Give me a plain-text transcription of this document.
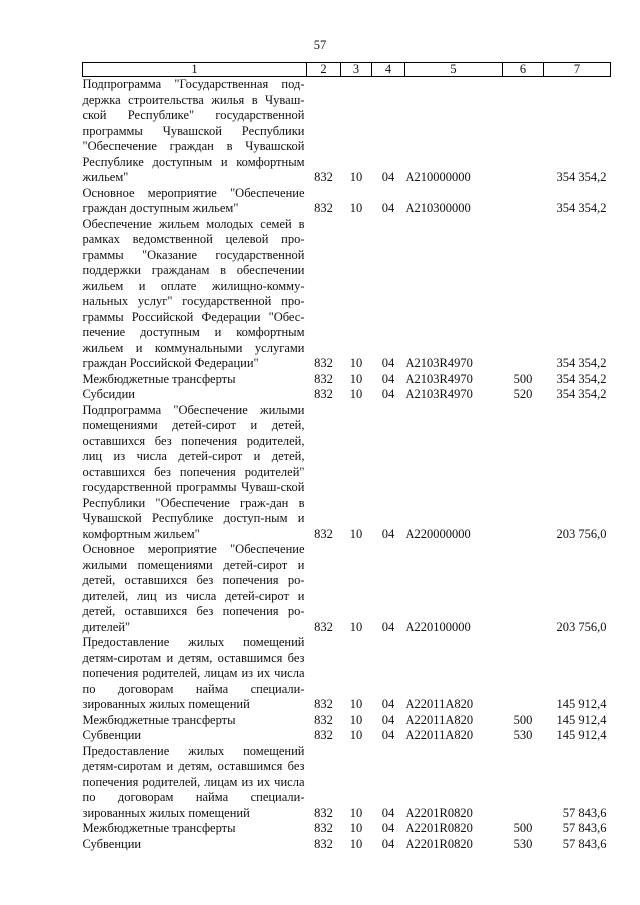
57
1	2	3	4	5	6	7
Подпрограмма "Государственная под-держка строительства жилья в Чуваш-ской Республике" государственной программы Чувашской Республики "Обеспечение граждан в Чувашской Республике доступным и комфортным жильем"	832	10	04	A210000000		354 354,2
Основное мероприятие "Обеспечение граждан доступным жильем"	832	10	04	A210300000		354 354,2
Обеспечение жильем молодых семей в рамках ведомственной целевой про-граммы "Оказание государственной поддержки гражданам в обеспечении жильем и оплате жилищно-комму-нальных услуг" государственной про-граммы Российской Федерации "Обес-печение доступным и комфортным жильем и коммунальными услугами граждан Российской Федерации"	832	10	04	A2103R4970		354 354,2
Межбюджетные трансферты	832	10	04	A2103R4970	500	354 354,2
Субсидии	832	10	04	A2103R4970	520	354 354,2
Подпрограмма "Обеспечение жилыми помещениями детей-сирот и детей, оставшихся без попечения родителей, лиц из числа детей-сирот и детей, оставшихся без попечения родителей" государственной программы Чуваш-ской Республики "Обеспечение граж-дан в Чувашской Республике доступ-ным и комфортным жильем"	832	10	04	A220000000		203 756,0
Основное мероприятие "Обеспечение жилыми помещениями детей-сирот и детей, оставшихся без попечения ро-дителей, лиц из числа детей-сирот и детей, оставшихся без попечения ро-дителей"	832	10	04	A220100000		203 756,0
Предоставление жилых помещений детям-сиротам и детям, оставшимся без попечения родителей, лицам из их числа по договорам найма специали-зированных жилых помещений	832	10	04	A22011A820		145 912,4
Межбюджетные трансферты	832	10	04	A22011A820	500	145 912,4
Субвенции	832	10	04	A22011A820	530	145 912,4
Предоставление жилых помещений детям-сиротам и детям, оставшимся без попечения родителей, лицам из их числа по договорам найма специали-зированных жилых помещений	832	10	04	A2201R0820		57 843,6
Межбюджетные трансферты	832	10	04	A2201R0820	500	57 843,6
Субвенции	832	10	04	A2201R0820	530	57 843,6
